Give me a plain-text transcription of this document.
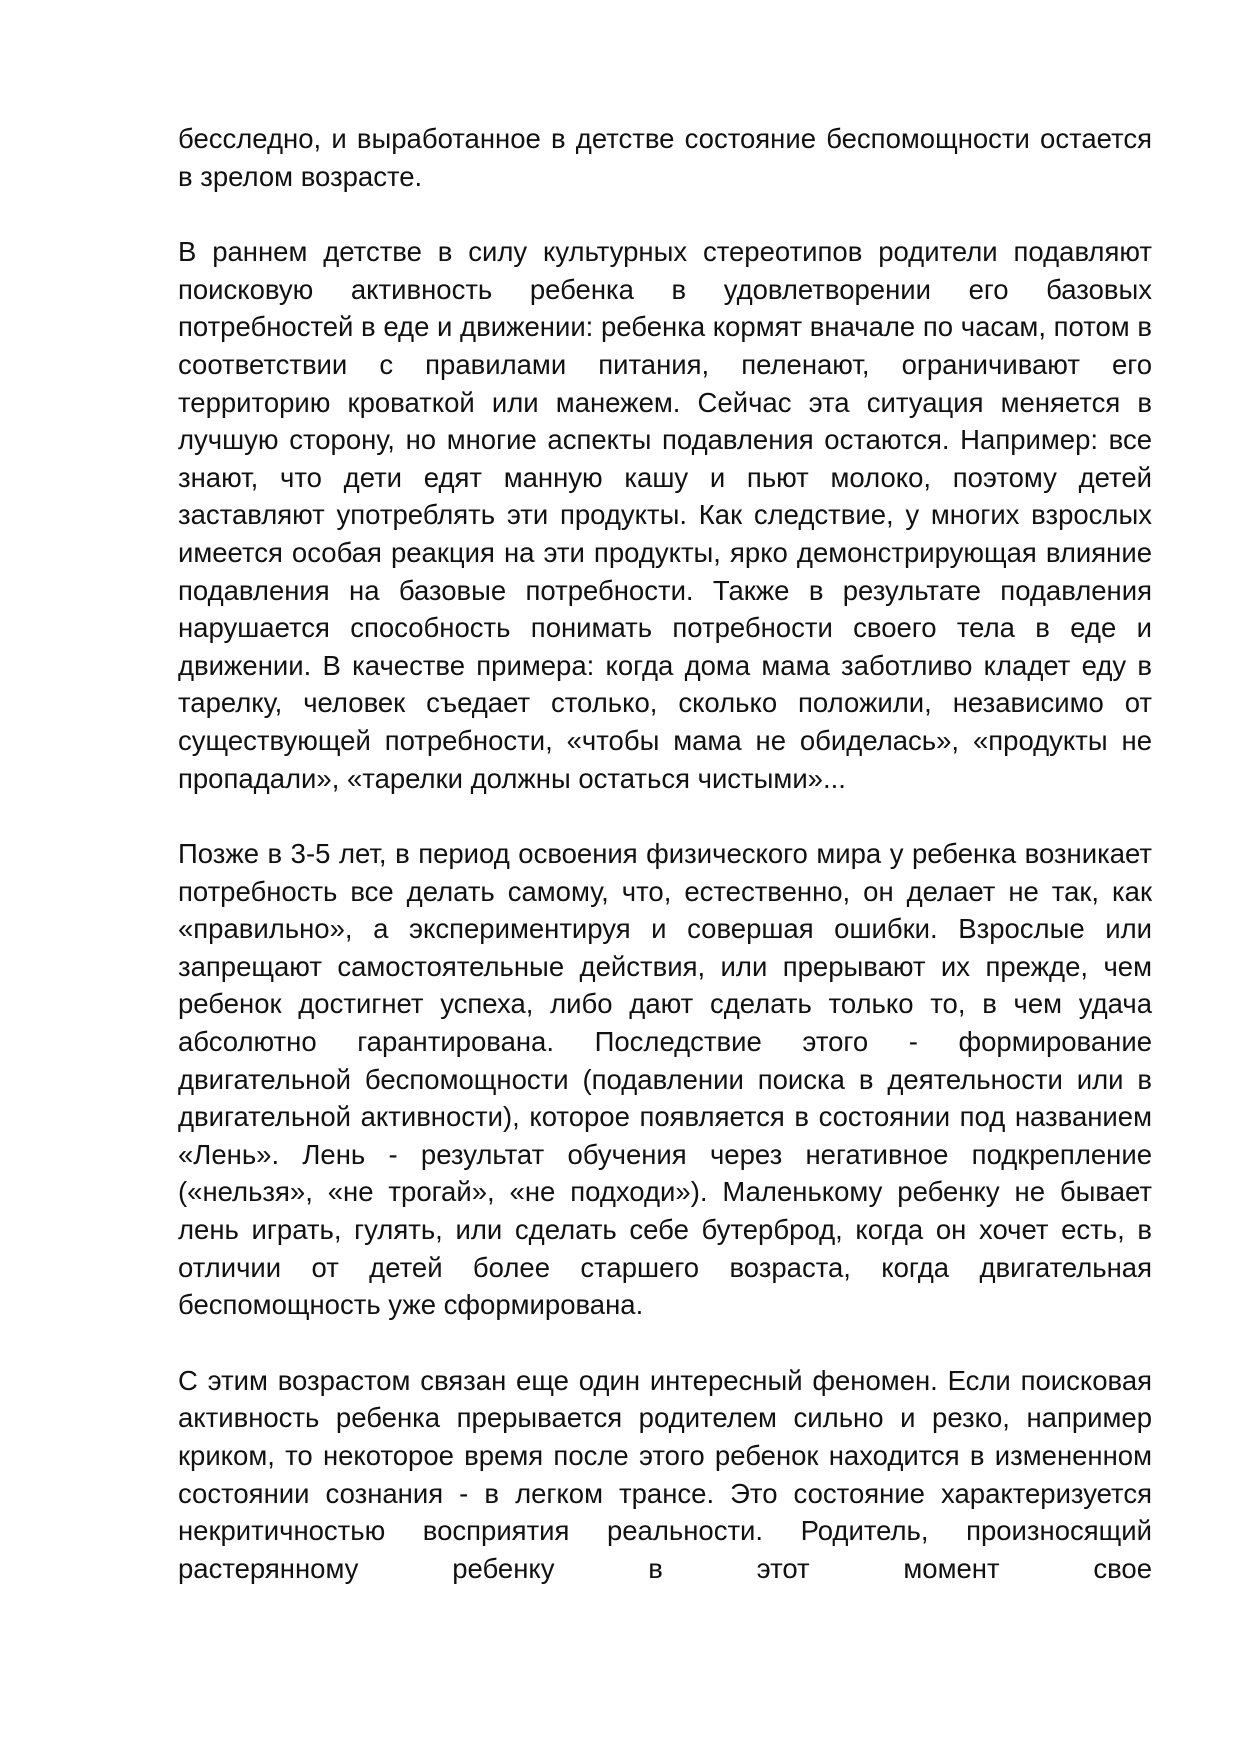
бесследно, и выработанное в детстве состояние беспомощности остается в зрелом возрасте.

В раннем детстве в силу культурных стереотипов родители подавляют поисковую активность ребенка в удовлетворении его базовых потребностей в еде и движении: ребенка кормят вначале по часам, потом в соответствии с правилами питания, пеленают, ограничивают его территорию кроваткой или манежем. Сейчас эта ситуация меняется в лучшую сторону, но многие аспекты подавления остаются. Например: все знают, что дети едят манную кашу и пьют молоко, поэтому детей заставляют употреблять эти продукты. Как следствие, у многих взрослых имеется особая реакция на эти продукты, ярко демонстрирующая влияние подавления на базовые потребности. Также в результате подавления нарушается способность понимать потребности своего тела в еде и движении. В качестве примера: когда дома мама заботливо кладет еду в тарелку, человек съедает столько, сколько положили, независимо от существующей потребности, «чтобы мама не обиделась», «продукты не пропадали», «тарелки должны остаться чистыми»...

Позже в 3-5 лет, в период освоения физического мира у ребенка возникает потребность все делать самому, что, естественно, он делает не так, как «правильно», а экспериментируя и совершая ошибки. Взрослые или запрещают самостоятельные действия, или прерывают их прежде, чем ребенок достигнет успеха, либо дают сделать только то, в чем удача абсолютно гарантирована. Последствие этого - формирование двигательной беспомощности (подавлении поиска в деятельности или в двигательной активности), которое появляется в состоянии под названием «Лень». Лень - результат обучения через негативное подкрепление («нельзя», «не трогай», «не подходи»). Маленькому ребенку не бывает лень играть, гулять, или сделать себе бутерброд, когда он хочет есть, в отличии от детей более старшего возраста, когда двигательная беспомощность уже сформирована.

С этим возрастом связан еще один интересный феномен. Если поисковая активность ребенка прерывается родителем сильно и резко, например криком, то некоторое время после этого ребенок находится в измененном состоянии сознания - в легком трансе. Это состояние характеризуется некритичностью восприятия реальности. Родитель, произносящий растерянному ребенку в этот момент свое
